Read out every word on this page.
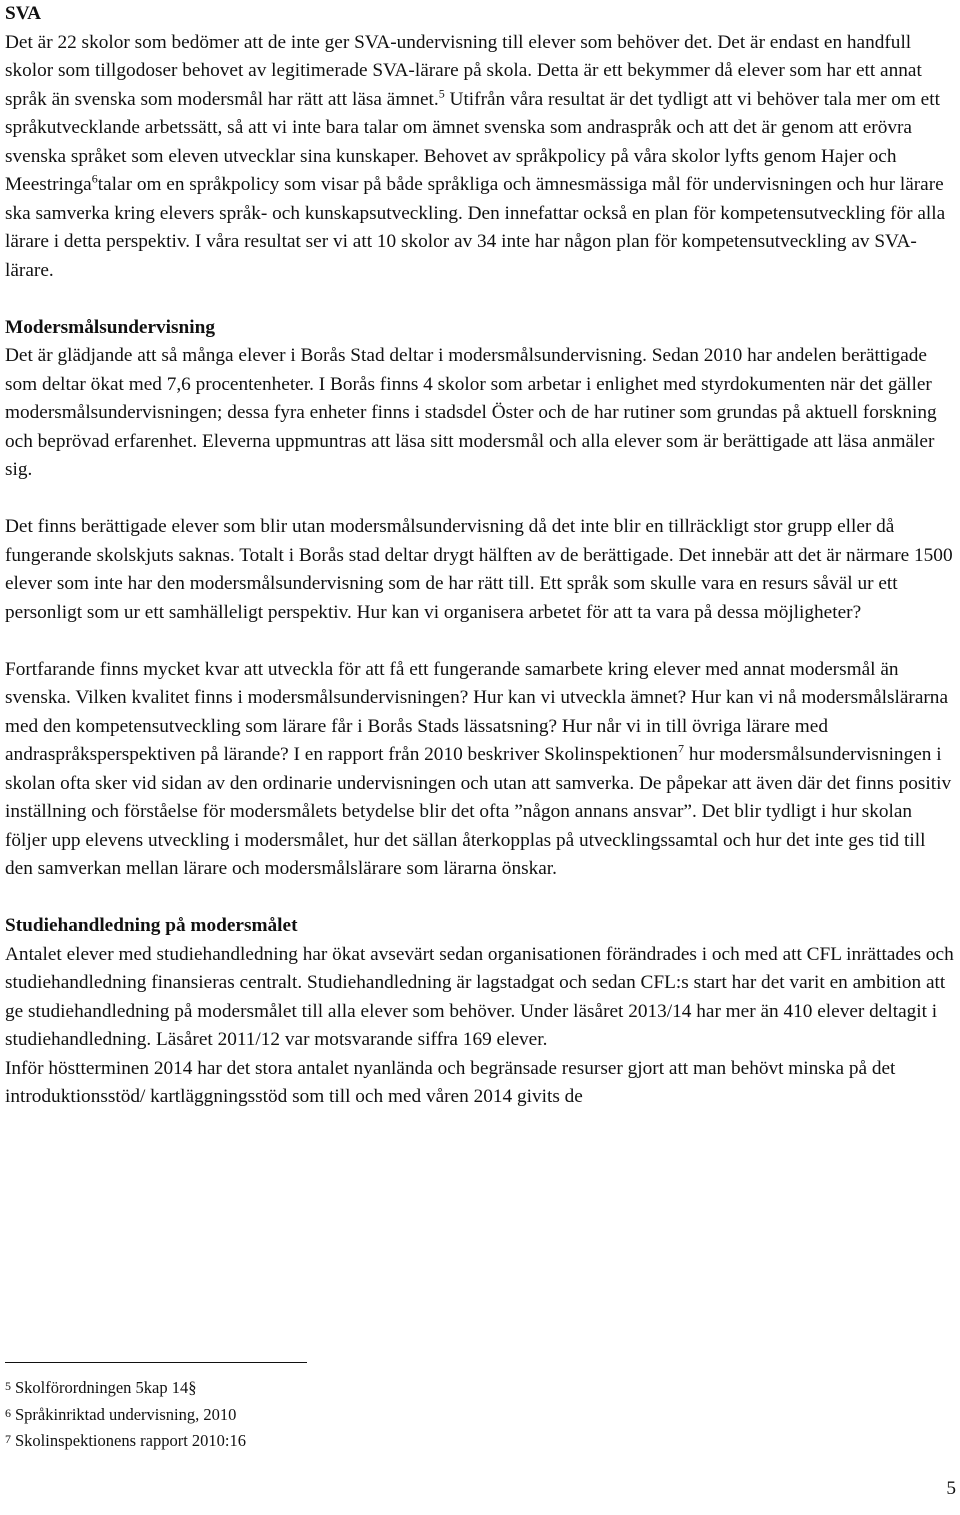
SVA

Det är 22 skolor som bedömer att de inte ger SVA-undervisning till elever som behöver det. Det är endast en handfull skolor som tillgodoser behovet av legitimerade SVA-lärare på skola. Detta är ett bekymmer då elever som har ett annat språk än svenska som modersmål har rätt att läsa ämnet.$^5$ Utifrån våra resultat är det tydligt att vi behöver tala mer om ett språkutvecklande arbetssätt, så att vi inte bara talar om ämnet svenska som andraspråk och att det är genom att erövra svenska språket som eleven utvecklar sina kunskaper. Behovet av språkpolicy på våra skolor lyfts genom Hajer och Meestringa$^6$talar om en språkpolicy som visar på både språkliga och ämnesmässiga mål för undervisningen och hur lärare ska samverka kring elevers språk- och kunskapsutveckling. Den innefattar också en plan för kompetensutveckling för alla lärare i detta perspektiv. I våra resultat ser vi att 10 skolor av 34 inte har någon plan för kompetensutveckling av SVA-lärare.

Modersmålsundervisning

Det är glädjande att så många elever i Borås Stad deltar i modersmålsundervisning. Sedan 2010 har andelen berättigade som deltar ökat med 7,6 procentenheter. I Borås finns 4 skolor som arbetar i enlighet med styrdokumenten när det gäller modersmålsundervisningen; dessa fyra enheter finns i stadsdel Öster och de har rutiner som grundas på aktuell forskning och beprövad erfarenhet. Eleverna uppmuntras att läsa sitt modersmål och alla elever som är berättigade att läsa anmäler sig.

Det finns berättigade elever som blir utan modersmålsundervisning då det inte blir en tillräckligt stor grupp eller då fungerande skolskjuts saknas. Totalt i Borås stad deltar drygt hälften av de berättigade. Det innebär att det är närmare 1500 elever som inte har den modersmålsundervisning som de har rätt till. Ett språk som skulle vara en resurs såväl ur ett personligt som ur ett samhälleligt perspektiv. Hur kan vi organisera arbetet för att ta vara på dessa möjligheter?

Fortfarande finns mycket kvar att utveckla för att få ett fungerande samarbete kring elever med annat modersmål än svenska. Vilken kvalitet finns i modersmålsundervisningen? Hur kan vi utveckla ämnet? Hur kan vi nå modersmålslärarna med den kompetensutveckling som lärare får i Borås Stads lässatsning? Hur når vi in till övriga lärare med andraspråksperspektiven på lärande? I en rapport från 2010 beskriver Skolinspektionen$^7$ hur modersmålsundervisningen i skolan ofta sker vid sidan av den ordinarie undervisningen och utan att samverka. De påpekar att även där det finns positiv inställning och förståelse för modersmålets betydelse blir det ofta ”någon annans ansvar”. Det blir tydligt i hur skolan följer upp elevens utveckling i modersmålet, hur det sällan återkopplas på utvecklingssamtal och hur det inte ges tid till den samverkan mellan lärare och modersmålslärare som lärarna önskar.

Studiehandledning på modersmålet

Antalet elever med studiehandledning har ökat avsevärt sedan organisationen förändrades i och med att CFL inrättades och studiehandledning finansieras centralt. Studiehandledning är lagstadgat och sedan CFL:s start har det varit en ambition att ge studiehandledning på modersmålet till alla elever som behöver. Under läsåret 2013/14 har mer än 410 elever deltagit i studiehandledning. Läsåret 2011/12 var motsvarande siffra 169 elever.

Inför höstterminen 2014 har det stora antalet nyanlända och begränsade resurser gjort att man behövt minska på det introduktionsstöd/ kartläggningsstöd som till och med våren 2014 givits de

5 Skolförordningen 5kap 14§

6 Språkinriktad undervisning, 2010

7 Skolinspektionens rapport 2010:16

5
